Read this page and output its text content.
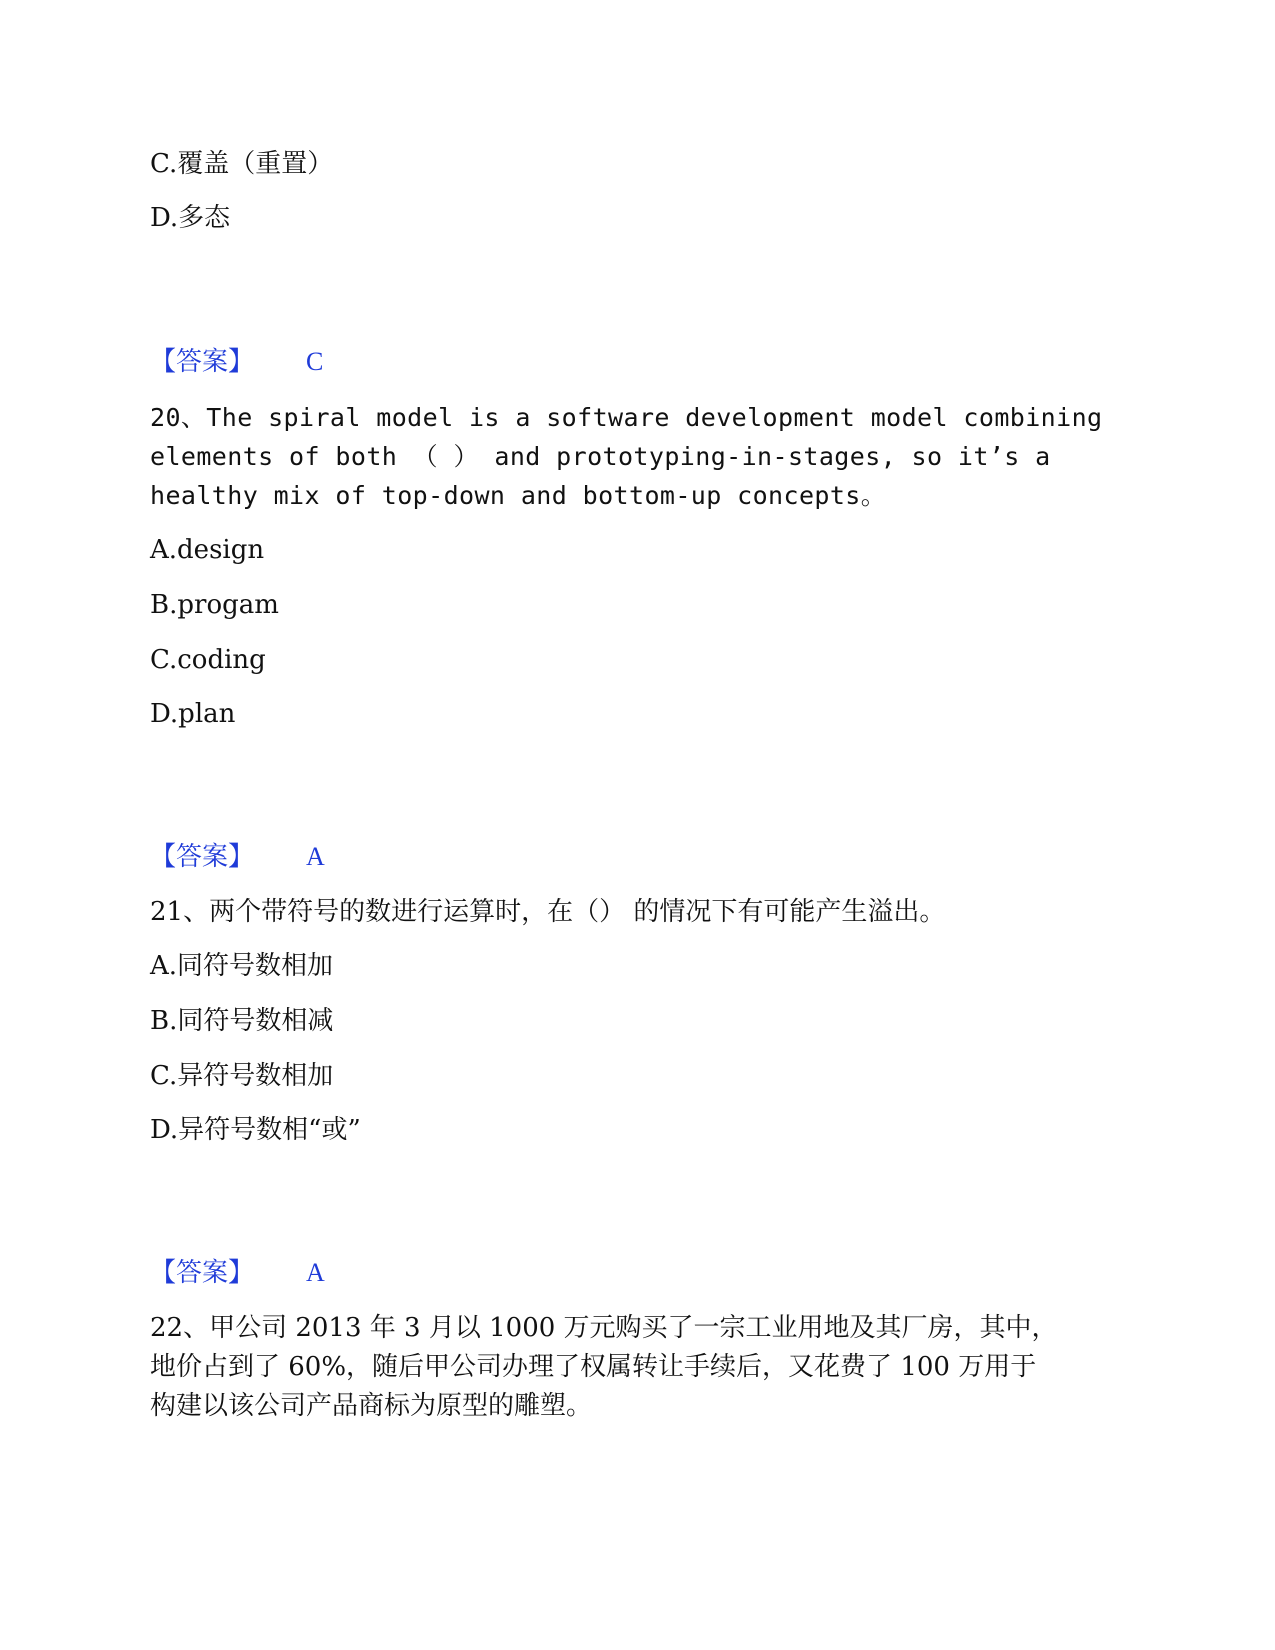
C.覆盖（重置）
D.多态
【答案】 C
20、The spiral model is a software development model combining
elements of both （ ） and prototyping-in-stages, so it’s a
healthy mix of top-down and bottom-up concepts。
A.design
B.progam
C.coding
D.plan
【答案】 A
21、两个带符号的数进行运算时，在（） 的情况下有可能产生溢出。
A.同符号数相加
B.同符号数相减
C.异符号数相加
D.异符号数相“或”
【答案】 A
22、甲公司 2013 年 3 月以 1000 万元购买了一宗工业用地及其厂房，其中，
地价占到了 60%，随后甲公司办理了权属转让手续后，又花费了 100 万用于
构建以该公司产品商标为原型的雕塑。
